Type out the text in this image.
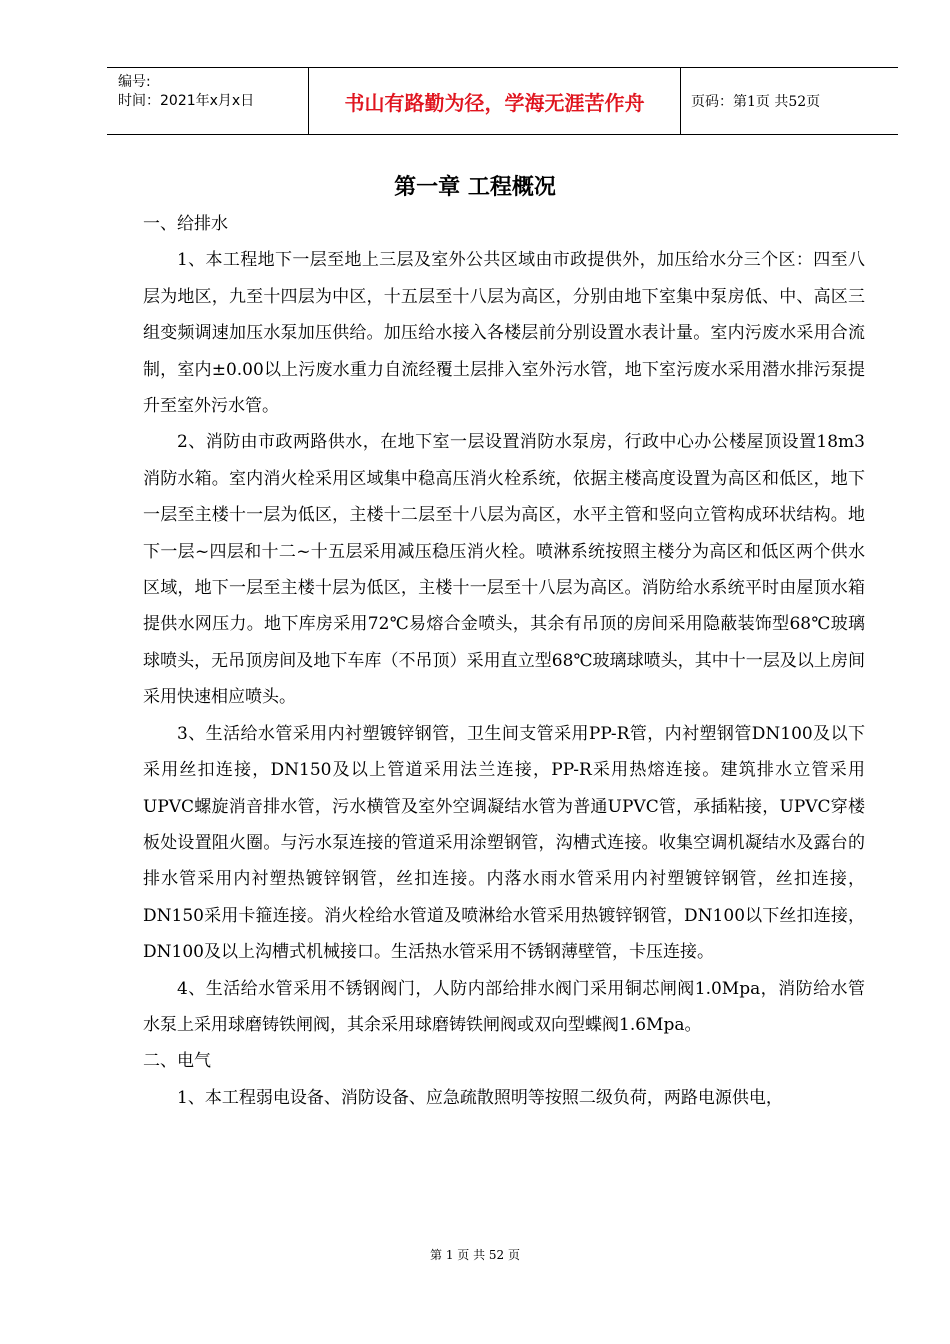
编号:
时间：2021年x月x日	书山有路勤为径，学海无涯苦作舟	页码：第1页 共52页
第一章 工程概况

一、给排水

1、本工程地下一层至地上三层及室外公共区域由市政提供外，加压给水分三个区：四至八层为地区，九至十四层为中区，十五层至十八层为高区，分别由地下室集中泵房低、中、高区三组变频调速加压水泵加压供给。加压给水接入各楼层前分别设置水表计量。室内污废水采用合流制，室内±0.00以上污废水重力自流经覆土层排入室外污水管，地下室污废水采用潜水排污泵提升至室外污水管。

2、消防由市政两路供水，在地下室一层设置消防水泵房，行政中心办公楼屋顶设置18m3消防水箱。室内消火栓采用区域集中稳高压消火栓系统，依据主楼高度设置为高区和低区，地下一层至主楼十一层为低区，主楼十二层至十八层为高区，水平主管和竖向立管构成环状结构。地下一层~四层和十二~十五层采用减压稳压消火栓。喷淋系统按照主楼分为高区和低区两个供水区域，地下一层至主楼十层为低区，主楼十一层至十八层为高区。消防给水系统平时由屋顶水箱提供水网压力。地下库房采用72℃易熔合金喷头，其余有吊顶的房间采用隐蔽装饰型68℃玻璃球喷头，无吊顶房间及地下车库（不吊顶）采用直立型68℃玻璃球喷头，其中十一层及以上房间采用快速相应喷头。

3、生活给水管采用内衬塑镀锌钢管，卫生间支管采用PP-R管，内衬塑钢管DN100及以下采用丝扣连接，DN150及以上管道采用法兰连接，PP-R采用热熔连接。建筑排水立管采用UPVC螺旋消音排水管，污水横管及室外空调凝结水管为普通UPVC管，承插粘接，UPVC穿楼板处设置阻火圈。与污水泵连接的管道采用涂塑钢管，沟槽式连接。收集空调机凝结水及露台的排水管采用内衬塑热镀锌钢管，丝扣连接。内落水雨水管采用内衬塑镀锌钢管，丝扣连接，DN150采用卡箍连接。消火栓给水管道及喷淋给水管采用热镀锌钢管，DN100以下丝扣连接，DN100及以上沟槽式机械接口。生活热水管采用不锈钢薄壁管，卡压连接。

4、生活给水管采用不锈钢阀门，人防内部给排水阀门采用铜芯闸阀1.0Mpa，消防给水管水泵上采用球磨铸铁闸阀，其余采用球磨铸铁闸阀或双向型蝶阀1.6Mpa。

二、电气

1、本工程弱电设备、消防设备、应急疏散照明等按照二级负荷，两路电源供电，

第 1 页 共 52 页
